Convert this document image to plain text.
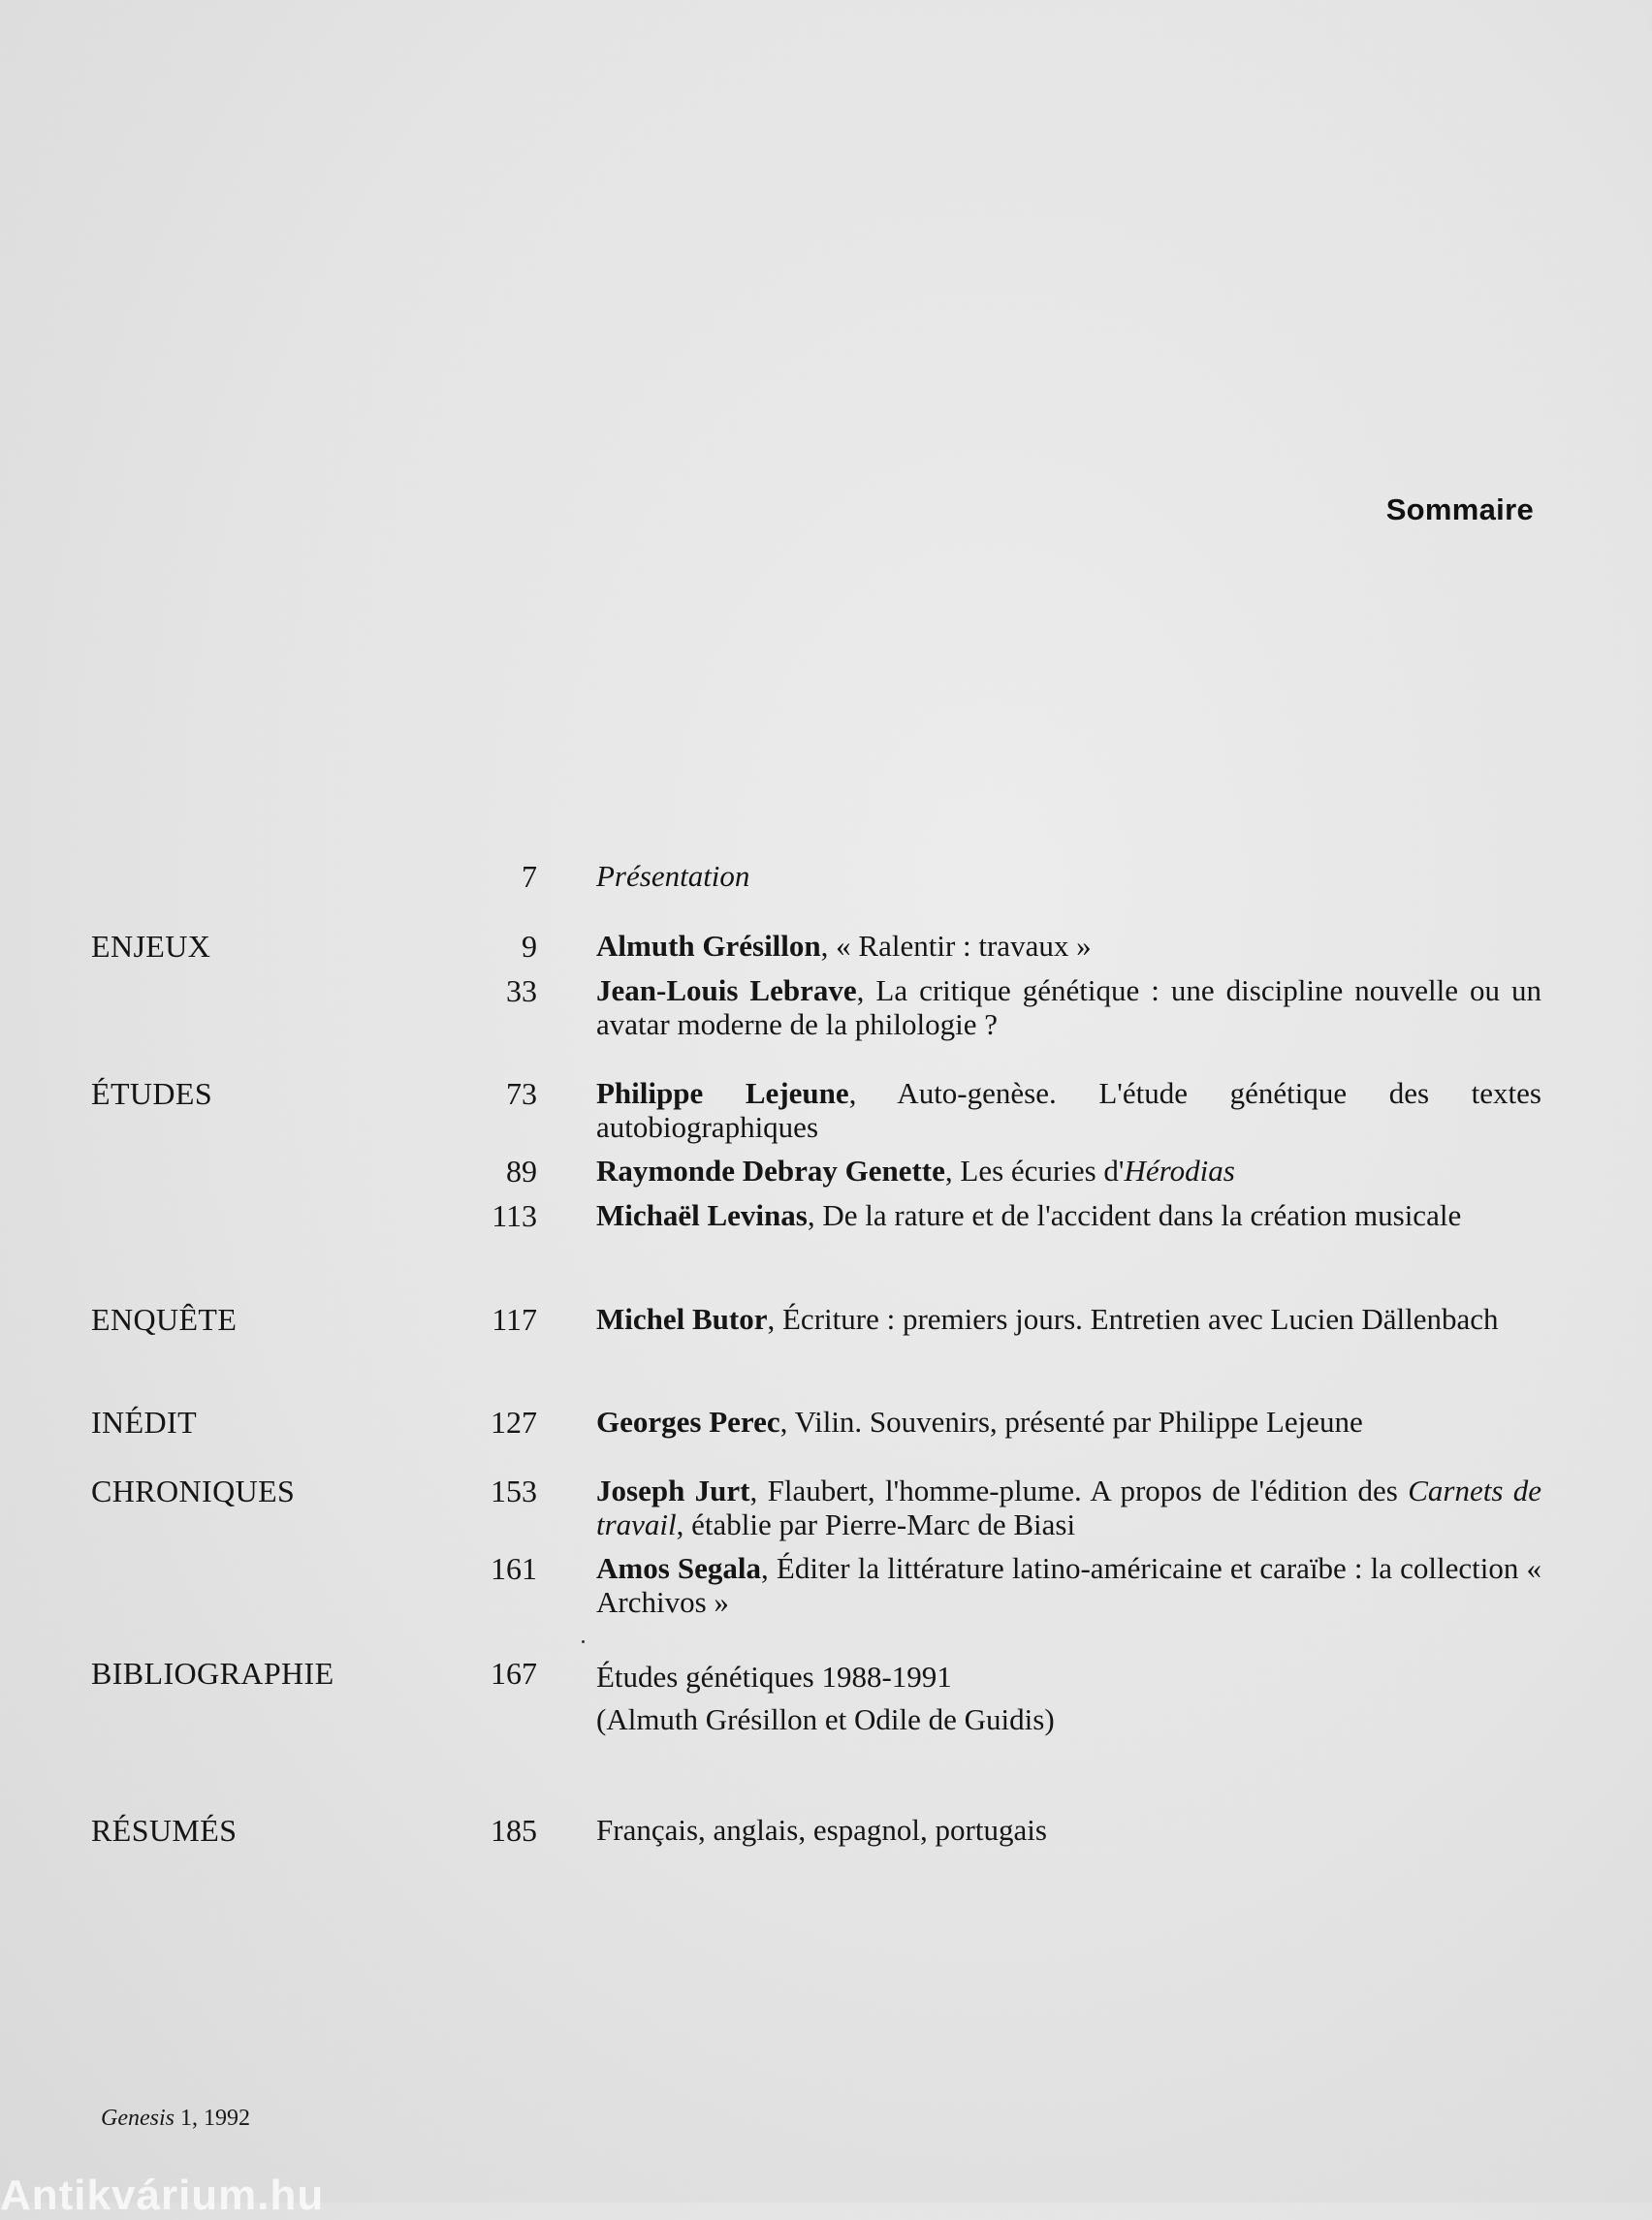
Sommaire
7 Présentation
ENJEUX	9 Almuth Grésillon, « Ralentir : travaux »
33 Jean-Louis Lebrave, La critique génétique : une discipline nouvelle ou un avatar moderne de la philologie ?
ÉTUDES	73 Philippe Lejeune, Auto-genèse. L'étude génétique des textes autobiographiques
89 Raymonde Debray Genette, Les écuries d'Hérodias
113 Michaël Levinas, De la rature et de l'accident dans la création musicale
ENQUÊTE	117 Michel Butor, Écriture : premiers jours. Entretien avec Lucien Dällenbach
INÉDIT	127 Georges Perec, Vilin. Souvenirs, présenté par Philippe Lejeune
CHRONIQUES	153 Joseph Jurt, Flaubert, l'homme-plume. A propos de l'édition des Carnets de travail, établie par Pierre-Marc de Biasi
161 Amos Segala, Éditer la littérature latino-américaine et caraïbe : la collection « Archivos »
BIBLIOGRAPHIE	167 Études génétiques 1988-1991
(Almuth Grésillon et Odile de Guidis)
RÉSUMÉS	185 Français, anglais, espagnol, portugais
Genesis 1, 1992
Antikvárium.hu
